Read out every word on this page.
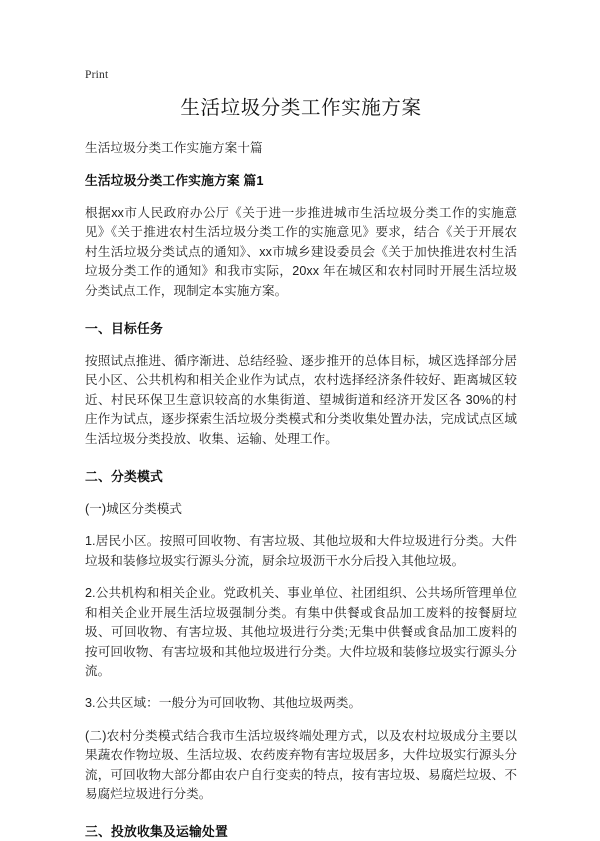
Print
生活垃圾分类工作实施方案
生活垃圾分类工作实施方案十篇
生活垃圾分类工作实施方案 篇1

根据xx市人民政府办公厅《关于进一步推进城市生活垃圾分类工作的实施意见》《关于推进农村生活垃圾分类工作的实施意见》要求，结合《关于开展农村生活垃圾分类试点的通知》、xx市城乡建设委员会《关于加快推进农村生活垃圾分类工作的通知》和我市实际，20xx 年在城区和农村同时开展生活垃圾分类试点工作，现制定本实施方案。

一、目标任务

按照试点推进、循序渐进、总结经验、逐步推开的总体目标，城区选择部分居民小区、公共机构和相关企业作为试点，农村选择经济条件较好、距离城区较近、村民环保卫生意识较高的水集街道、望城街道和经济开发区各 30%的村庄作为试点，逐步探索生活垃圾分类模式和分类收集处置办法，完成试点区域生活垃圾分类投放、收集、运输、处理工作。

二、分类模式

(一)城区分类模式

1.居民小区。按照可回收物、有害垃圾、其他垃圾和大件垃圾进行分类。大件垃圾和装修垃圾实行源头分流，厨余垃圾沥干水分后投入其他垃圾。

2.公共机构和相关企业。党政机关、事业单位、社团组织、公共场所管理单位和相关企业开展生活垃圾强制分类。有集中供餐或食品加工废料的按餐厨垃圾、可回收物、有害垃圾、其他垃圾进行分类;无集中供餐或食品加工废料的按可回收物、有害垃圾和其他垃圾进行分类。大件垃圾和装修垃圾实行源头分流。

3.公共区域：一般分为可回收物、其他垃圾两类。

(二)农村分类模式结合我市生活垃圾终端处理方式，以及农村垃圾成分主要以果蔬农作物垃圾、生活垃圾、农药废弃物有害垃圾居多，大件垃圾实行源头分流，可回收物大部分都由农户自行变卖的特点，按有害垃圾、易腐烂垃圾、不易腐烂垃圾进行分类。

三、投放收集及运输处置
